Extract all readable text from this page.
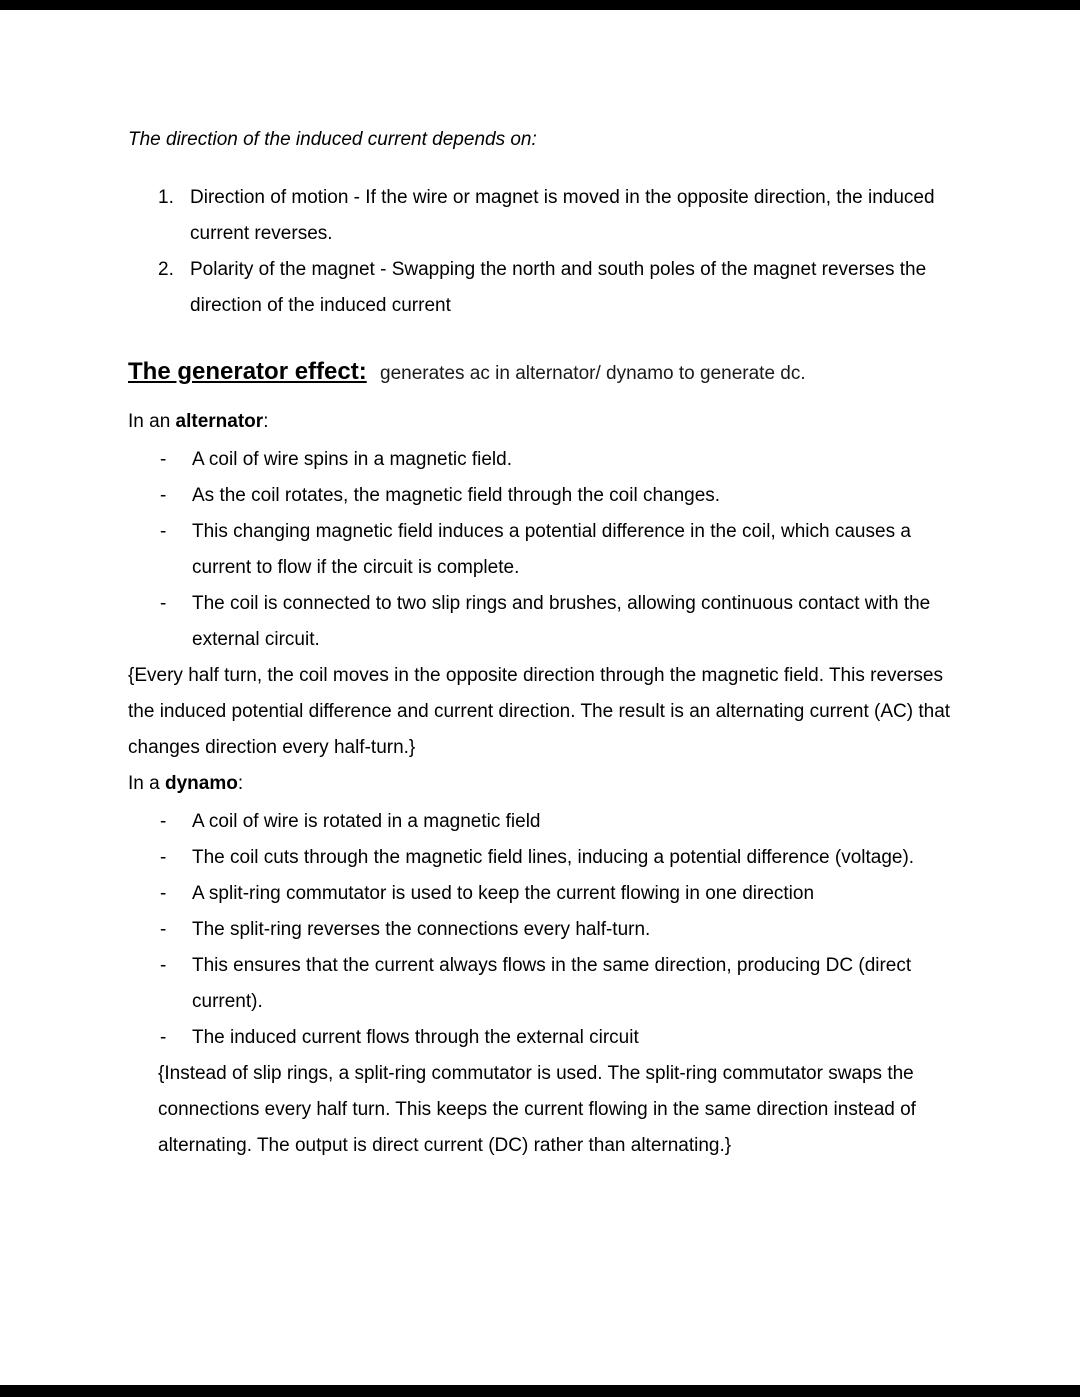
The direction of the induced current depends on:

1. Direction of motion - If the wire or magnet is moved in the opposite direction, the induced current reverses.
2. Polarity of the magnet - Swapping the north and south poles of the magnet reverses the direction of the induced current
The generator effect: generates ac in alternator/ dynamo to generate dc.

In an alternator:

-	A coil of wire spins in a magnetic field.
-	As the coil rotates, the magnetic field through the coil changes.
-	This changing magnetic field induces a potential difference in the coil, which causes a current to flow if the circuit is complete.
-	The coil is connected to two slip rings and brushes, allowing continuous contact with the external circuit.

{Every half turn, the coil moves in the opposite direction through the magnetic field. This reverses the induced potential difference and current direction. The result is an alternating current (AC) that changes direction every half-turn.}

In a dynamo:

-	A coil of wire is rotated in a magnetic field
-	The coil cuts through the magnetic field lines, inducing a potential difference (voltage).
-	A split-ring commutator is used to keep the current flowing in one direction
-	The split-ring reverses the connections every half-turn.
-	This ensures that the current always flows in the same direction, producing DC (direct current).
-	The induced current flows through the external circuit

{Instead of slip rings, a split-ring commutator is used. The split-ring commutator swaps the connections every half turn. This keeps the current flowing in the same direction instead of alternating. The output is direct current (DC) rather than alternating.}
